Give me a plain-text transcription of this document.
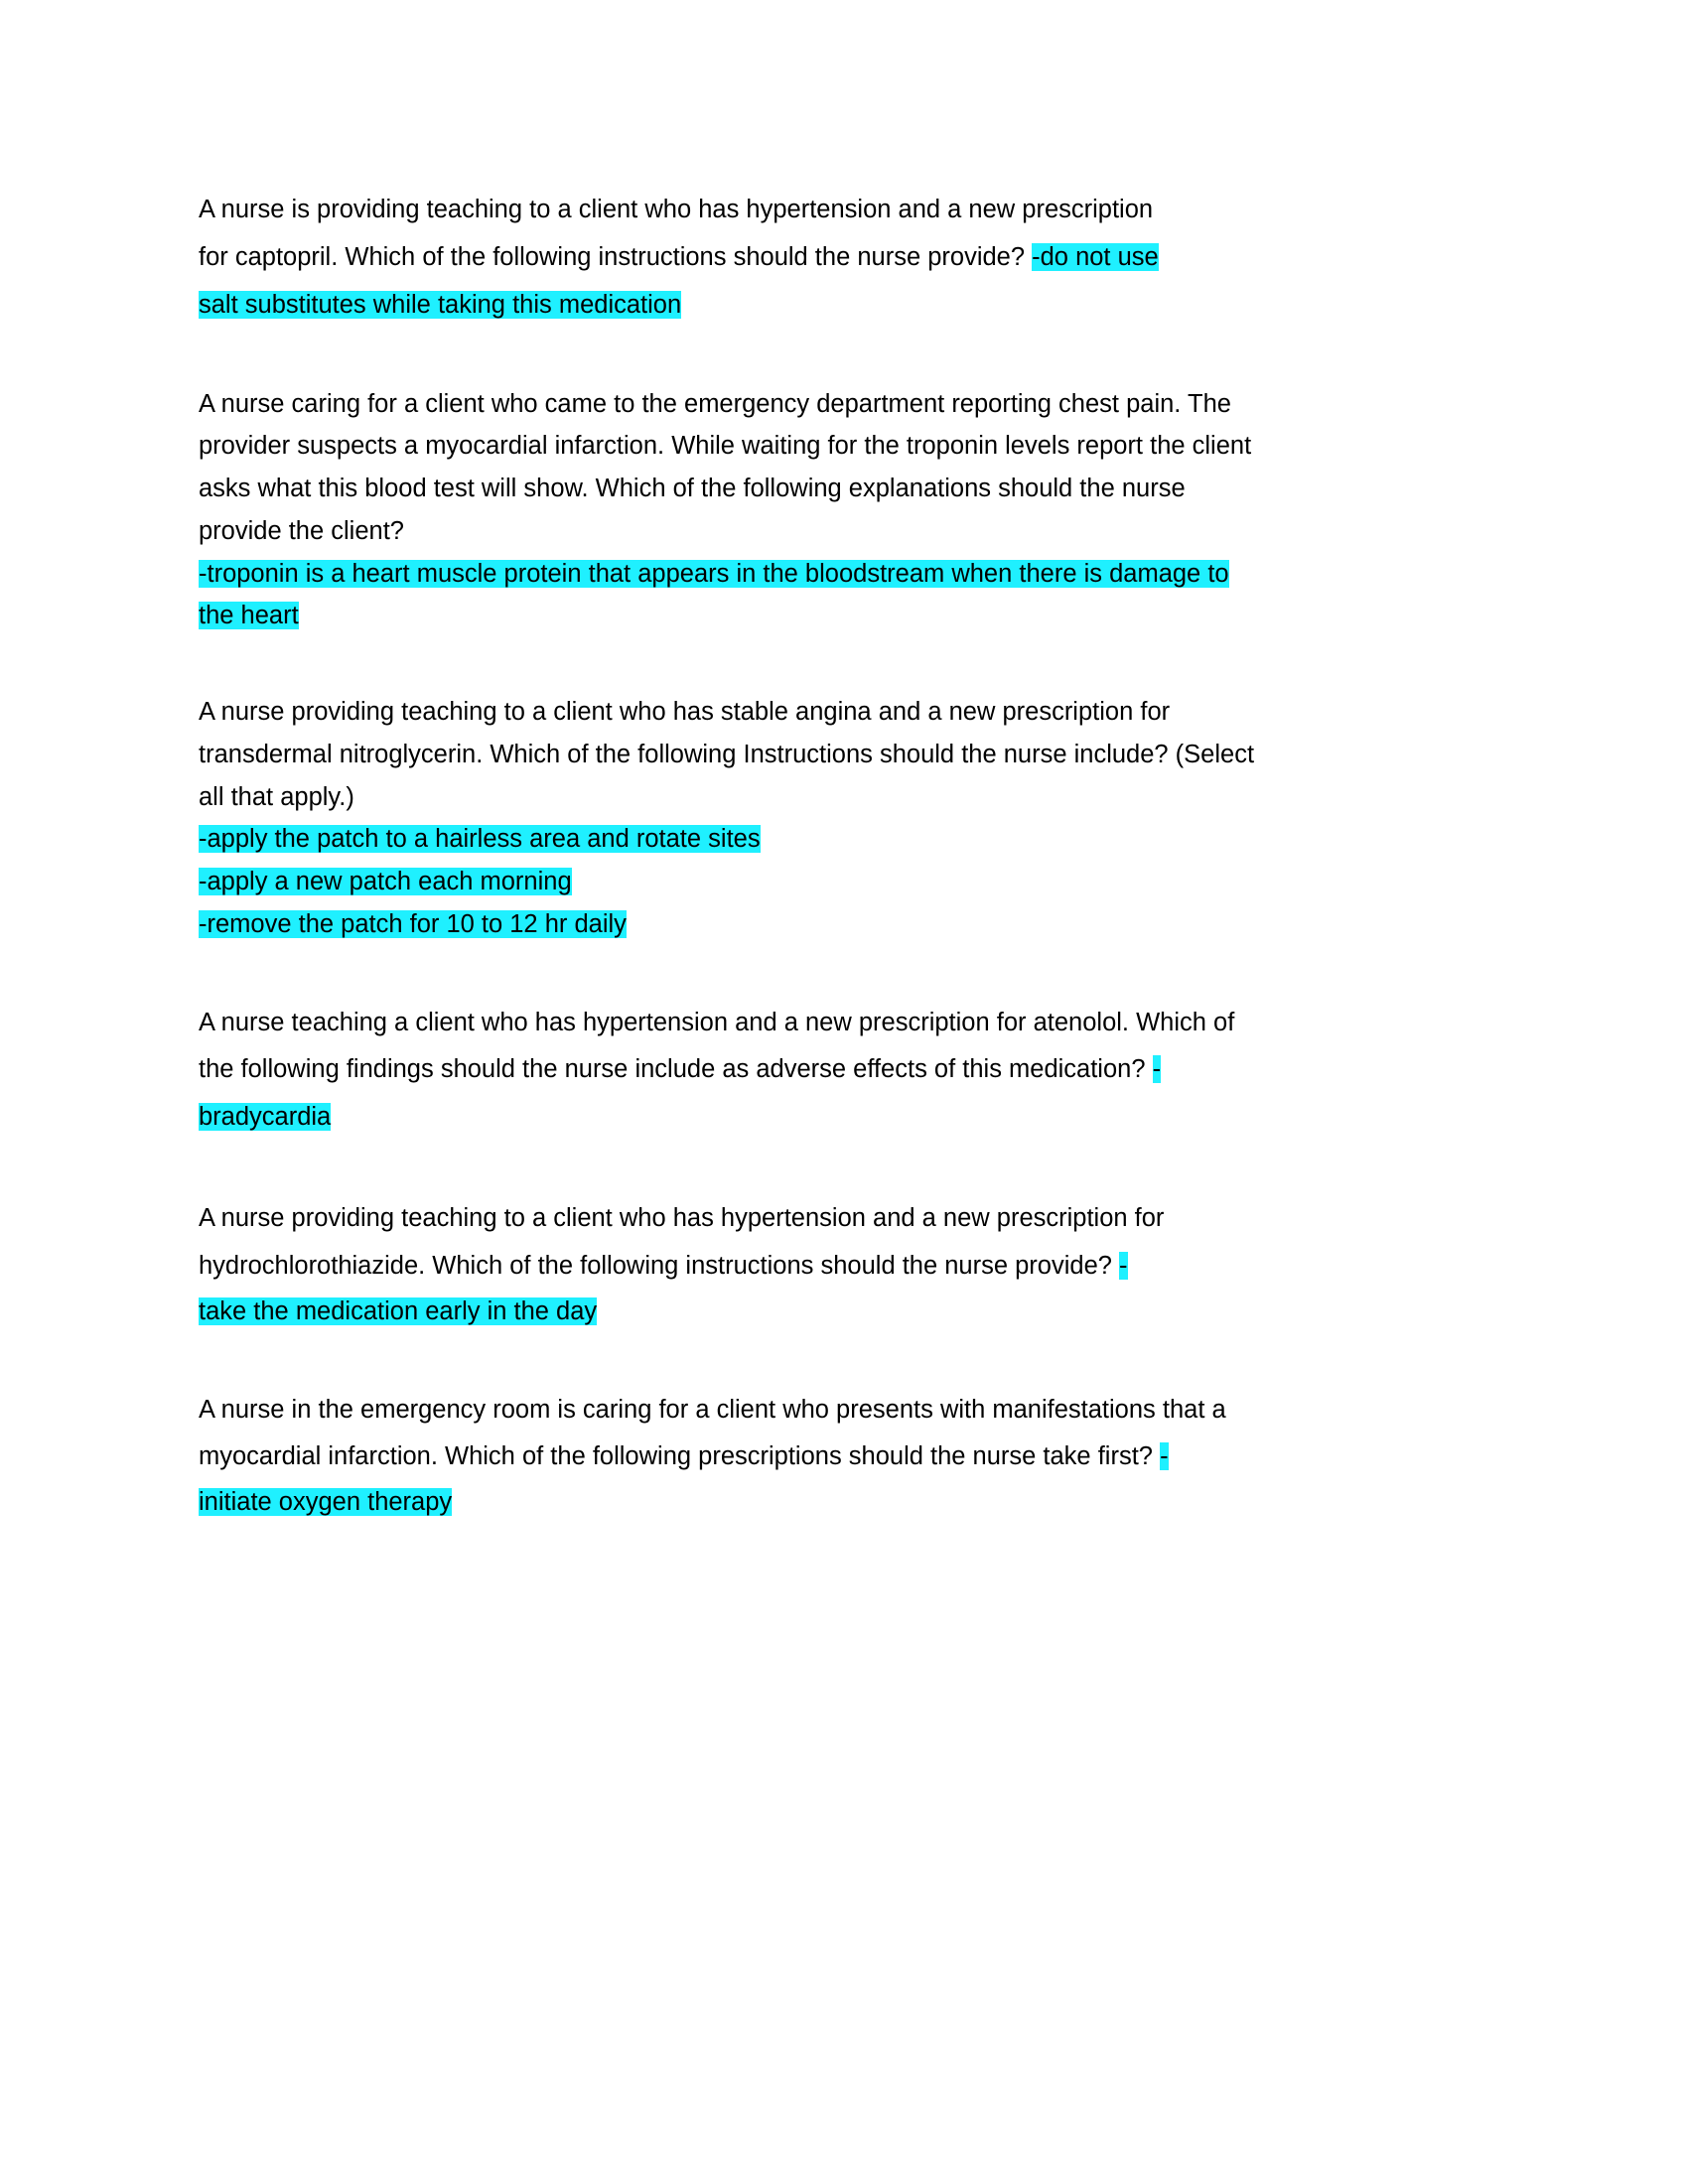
A nurse is providing teaching to a client who has hypertension and a new prescription
for captopril. Which of the following instructions should the nurse provide? -do not use
salt substitutes while taking this medication
A nurse caring for a client who came to the emergency department reporting chest pain. The
provider suspects a myocardial infarction. While waiting for the troponin levels report the client
asks what this blood test will show. Which of the following explanations should the nurse
provide the client?
-troponin is a heart muscle protein that appears in the bloodstream when there is damage to
the heart
A nurse providing teaching to a client who has stable angina and a new prescription for
transdermal nitroglycerin. Which of the following Instructions should the nurse include? (Select
all that apply.)
-apply the patch to a hairless area and rotate sites
-apply a new patch each morning
-remove the patch for 10 to 12 hr daily
A nurse teaching a client who has hypertension and a new prescription for atenolol. Which of
the following findings should the nurse include as adverse effects of this medication? -
bradycardia
A nurse providing teaching to a client who has hypertension and a new prescription for
hydrochlorothiazide. Which of the following instructions should the nurse provide? -
take the medication early in the day
A nurse in the emergency room is caring for a client who presents with manifestations that a
myocardial infarction. Which of the following prescriptions should the nurse take first? -
initiate oxygen therapy
